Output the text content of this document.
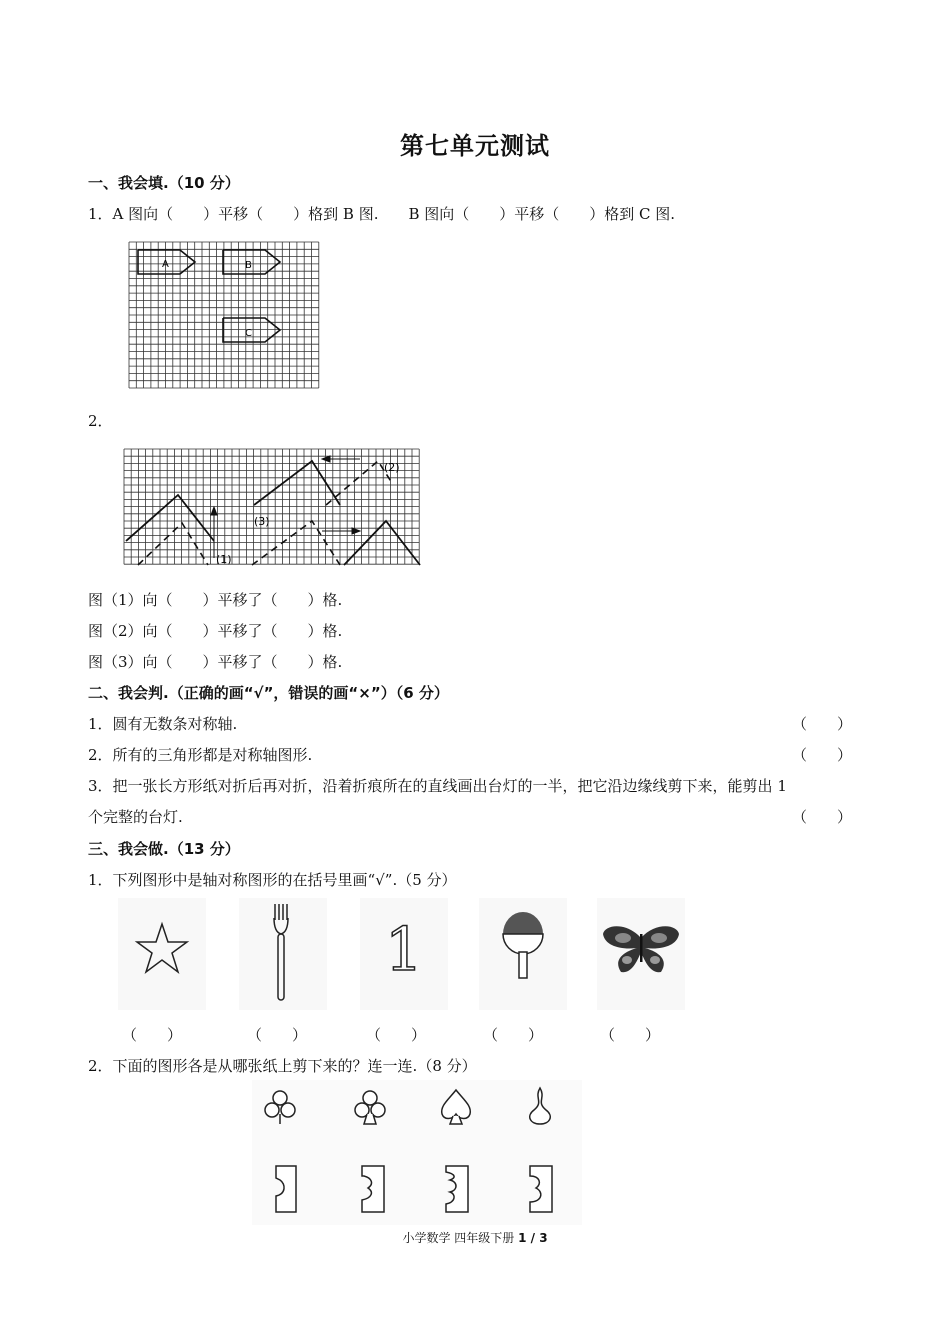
第七单元测试
一、我会填.（10 分）
1．A 图向（　　）平移（　　）格到 B 图.　　B 图向（　　）平移（　　）格到 C 图.
A	B
C
2．
(1)
(2)
(3)
图（1）向（　　）平移了（　　）格.
图（2）向（　　）平移了（　　）格.
图（3）向（　　）平移了（　　）格.
二、我会判.（正确的画“√”，错误的画“×”）（6 分）
1．圆有无数条对称轴.	（　　）
2．所有的三角形都是对称轴图形.	（　　）
3．把一张长方形纸对折后再对折，沿着折痕所在的直线画出台灯的一半，把它沿边缘线剪下来，能剪出 1
个完整的台灯.	（　　）
三、我会做.（13 分）
1．下列图形中是轴对称图形的在括号里画“√”.（5 分）
1
（　　）	（　　）	（　　）	（　　）	（　　）
2．下面的图形各是从哪张纸上剪下来的？连一连.（8 分）
小学数学 四年级下册 1 / 3
